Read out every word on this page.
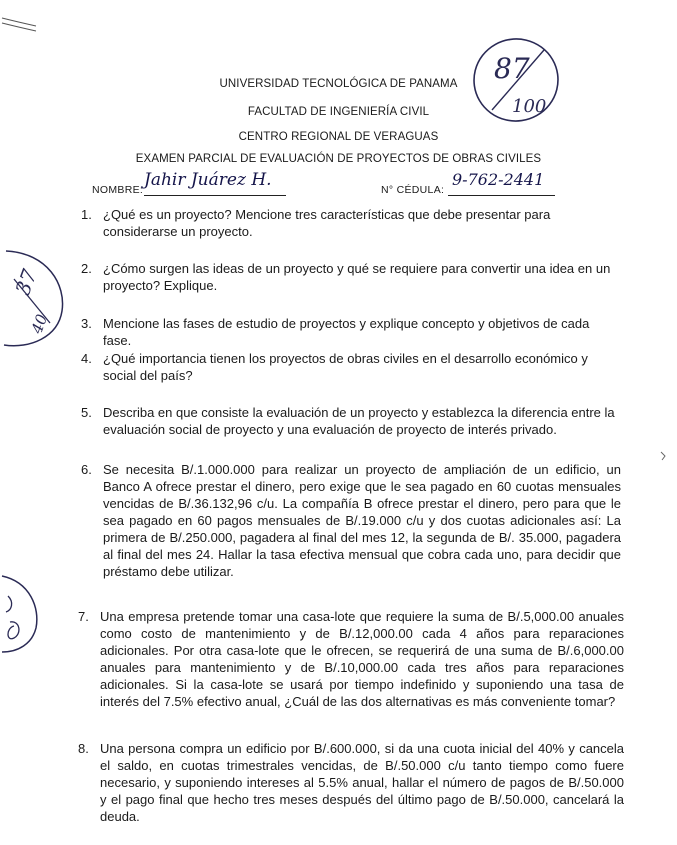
UNIVERSIDAD TECNOLÓGICA DE PANAMA
FACULTAD DE INGENIERÍA CIVIL
CENTRO REGIONAL DE VERAGUAS
EXAMEN PARCIAL DE EVALUACIÓN DE PROYECTOS DE OBRAS CIVILES
87
100
37
40
NOMBRE: Jahir Juárez H.	N° CÉDULA:
9-762-2441
1. ¿Qué es un proyecto? Mencione tres características que debe presentar para considerarse un proyecto.
2. ¿Cómo surgen las ideas de un proyecto y qué se requiere para convertir una idea en un proyecto? Explique.
3. Mencione las fases de estudio de proyectos y explique concepto y objetivos de cada fase.
4. ¿Qué importancia tienen los proyectos de obras civiles en el desarrollo económico y social del país?
5. Describa en que consiste la evaluación de un proyecto y establezca la diferencia entre la evaluación social de proyecto y una evaluación de proyecto de interés privado.
6. Se necesita B/.1.000.000 para realizar un proyecto de ampliación de un edificio, un Banco A ofrece prestar el dinero, pero exige que le sea pagado en 60 cuotas mensuales vencidas de B/.36.132,96 c/u. La compañía B ofrece prestar el dinero, pero para que le sea pagado en 60 pagos mensuales de B/.19.000 c/u y dos cuotas adicionales así: La primera de B/.250.000, pagadera al final del mes 12, la segunda de B/. 35.000, pagadera al final del mes 24. Hallar la tasa efectiva mensual que cobra cada uno, para decidir que préstamo debe utilizar.
7. Una empresa pretende tomar una casa-lote que requiere la suma de B/.5,000.00 anuales como costo de mantenimiento y de B/.12,000.00 cada 4 años para reparaciones adicionales. Por otra casa-lote que le ofrecen, se requerirá de una suma de B/.6,000.00 anuales para mantenimiento y de B/.10,000.00 cada tres años para reparaciones adicionales. Si la casa-lote se usará por tiempo indefinido y suponiendo una tasa de interés del 7.5% efectivo anual, ¿Cuál de las dos alternativas es más conveniente tomar?
8. Una persona compra un edificio por B/.600.000, si da una cuota inicial del 40% y cancela el saldo, en cuotas trimestrales vencidas, de B/.50.000 c/u tanto tiempo como fuere necesario, y suponiendo intereses al 5.5% anual, hallar el número de pagos de B/.50.000 y el pago final que hecho tres meses después del último pago de B/.50.000, cancelará la deuda.
